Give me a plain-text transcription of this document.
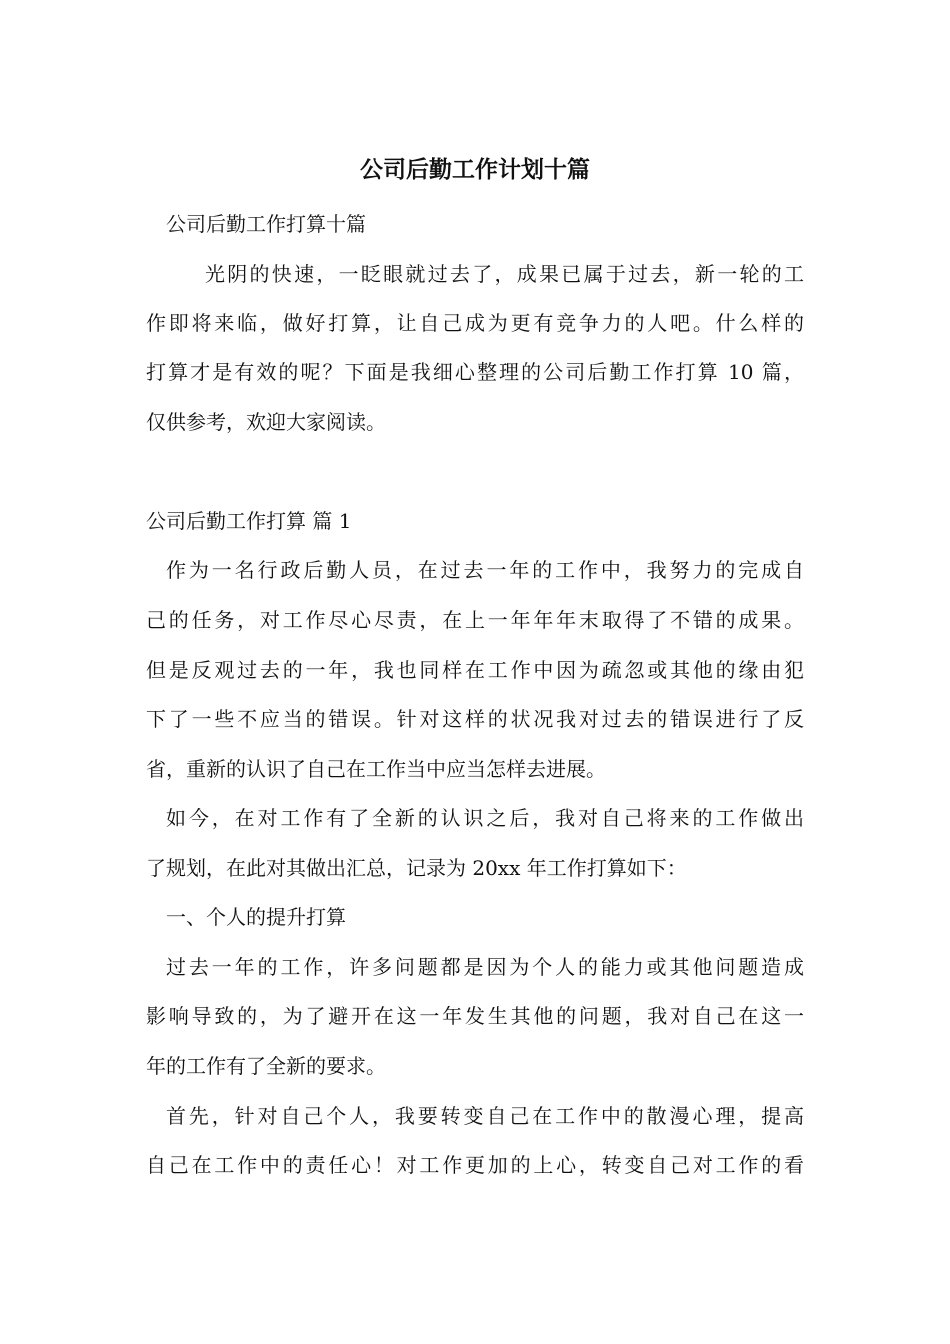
公司后勤工作计划十篇
公司后勤工作打算十篇
光阴的快速，一眨眼就过去了，成果已属于过去，新一轮的工
作即将来临，做好打算，让自己成为更有竞争力的人吧。什么样的
打算才是有效的呢？下面是我细心整理的公司后勤工作打算 10 篇，
仅供参考，欢迎大家阅读。
公司后勤工作打算 篇 1
作为一名行政后勤人员，在过去一年的工作中，我努力的完成自
己的任务，对工作尽心尽责，在上一年年年末取得了不错的成果。
但是反观过去的一年，我也同样在工作中因为疏忽或其他的缘由犯
下了一些不应当的错误。针对这样的状况我对过去的错误进行了反
省，重新的认识了自己在工作当中应当怎样去进展。
如今，在对工作有了全新的认识之后，我对自己将来的工作做出
了规划，在此对其做出汇总，记录为 20xx 年工作打算如下：
一、个人的提升打算
过去一年的工作，许多问题都是因为个人的能力或其他问题造成
影响导致的，为了避开在这一年发生其他的问题，我对自己在这一
年的工作有了全新的要求。
首先，针对自己个人，我要转变自己在工作中的散漫心理，提高
自己在工作中的责任心！对工作更加的上心，转变自己对工作的看
